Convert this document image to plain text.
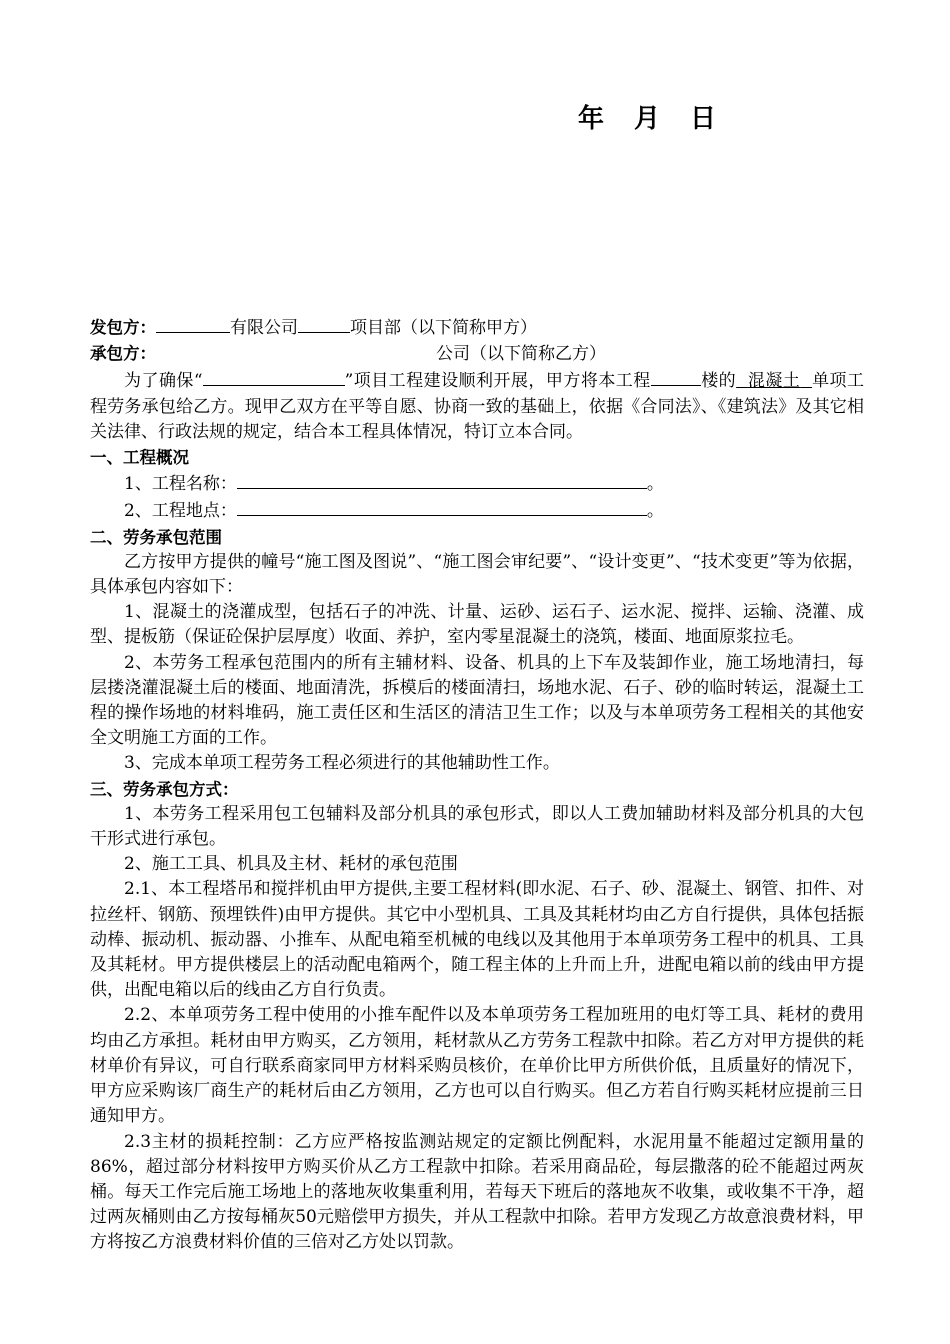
年 月 日

发包方：	有限公司	项目部（以下简称甲方）

承包方：	公司（以下简称乙方）

为了确保“	”项目工程建设顺利开展，甲方将本工程	楼的 混凝土 单项工程劳务承包给乙方。现甲乙双方在平等自愿、协商一致的基础上，依据《合同法》、《建筑法》及其它相关法律、行政法规的规定，结合本工程具体情况，特订立本合同。

一、工程概况

1、工程名称：	。

2、工程地点：	。

二、劳务承包范围

乙方按甲方提供的幢号“施工图及图说”、“施工图会审纪要”、“设计变更”、“技术变更”等为依据，具体承包内容如下：

1、混凝土的浇灌成型，包括石子的冲洗、计量、运砂、运石子、运水泥、搅拌、运输、浇灌、成型、提板筋（保证砼保护层厚度）收面、养护，室内零星混凝土的浇筑，楼面、地面原浆拉毛。

2、本劳务工程承包范围内的所有主辅材料、设备、机具的上下车及装卸作业，施工场地清扫，每层搂浇灌混凝土后的楼面、地面清洗，拆模后的楼面清扫，场地水泥、石子、砂的临时转运，混凝土工程的操作场地的材料堆码，施工责任区和生活区的清洁卫生工作；以及与本单项劳务工程相关的其他安全文明施工方面的工作。

3、完成本单项工程劳务工程必须进行的其他辅助性工作。

三、劳务承包方式：

1、本劳务工程采用包工包辅料及部分机具的承包形式，即以人工费加辅助材料及部分机具的大包干形式进行承包。

2、施工工具、机具及主材、耗材的承包范围

2.1、本工程塔吊和搅拌机由甲方提供,主要工程材料(即水泥、石子、砂、混凝土、钢管、扣件、对拉丝杆、钢筋、预埋铁件)由甲方提供。其它中小型机具、工具及其耗材均由乙方自行提供，具体包括振动棒、振动机、振动器、小推车、从配电箱至机械的电线以及其他用于本单项劳务工程中的机具、工具及其耗材。甲方提供楼层上的活动配电箱两个，随工程主体的上升而上升，进配电箱以前的线由甲方提供，出配电箱以后的线由乙方自行负责。

2.2、本单项劳务工程中使用的小推车配件以及本单项劳务工程加班用的电灯等工具、耗材的费用均由乙方承担。耗材由甲方购买，乙方领用，耗材款从乙方劳务工程款中扣除。若乙方对甲方提供的耗材单价有异议，可自行联系商家同甲方材料采购员核价，在单价比甲方所供价低，且质量好的情况下，甲方应采购该厂商生产的耗材后由乙方领用，乙方也可以自行购买。但乙方若自行购买耗材应提前三日通知甲方。

2.3主材的损耗控制：乙方应严格按监测站规定的定额比例配料，水泥用量不能超过定额用量的86%，超过部分材料按甲方购买价从乙方工程款中扣除。若采用商品砼，每层撒落的砼不能超过两灰桶。每天工作完后施工场地上的落地灰收集重利用，若每天下班后的落地灰不收集，或收集不干净，超过两灰桶则由乙方按每桶灰50元赔偿甲方损失，并从工程款中扣除。若甲方发现乙方故意浪费材料，甲方将按乙方浪费材料价值的三倍对乙方处以罚款。
